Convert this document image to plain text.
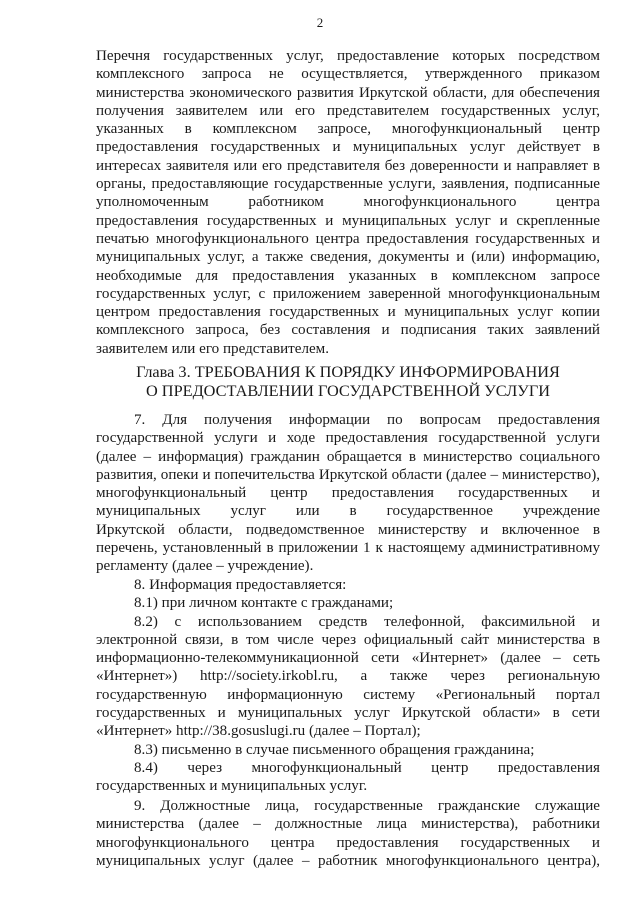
2
Перечня государственных услуг, предоставление которых посредством
комплексного запроса не осуществляется, утвержденного приказом
министерства экономического развития Иркутской области, для обеспечения
получения заявителем или его представителем государственных услуг,
указанных в комплексном запросе, многофункциональный центр
предоставления государственных и муниципальных услуг действует в
интересах заявителя или его представителя без доверенности и направляет в
органы, предоставляющие государственные услуги, заявления, подписанные
уполномоченным работником многофункционального центра
предоставления государственных и муниципальных услуг и скрепленные
печатью многофункционального центра предоставления государственных и
муниципальных услуг, а также сведения, документы и (или) информацию,
необходимые для предоставления указанных в комплексном запросе
государственных услуг, с приложением заверенной многофункциональным
центром предоставления государственных и муниципальных услуг копии
комплексного запроса, без составления и подписания таких заявлений
заявителем или его представителем.
Глава 3. ТРЕБОВАНИЯ К ПОРЯДКУ ИНФОРМИРОВАНИЯ
О ПРЕДОСТАВЛЕНИИ ГОСУДАРСТВЕННОЙ УСЛУГИ
7. Для получения информации по вопросам предоставления
государственной услуги и ходе предоставления государственной услуги
(далее – информация) гражданин обращается в министерство социального
развития, опеки и попечительства Иркутской области (далее – министерство),
многофункциональный центр предоставления государственных и
муниципальных услуг или в государственное учреждение
Иркутской области, подведомственное министерству и включенное в
перечень, установленный в приложении 1 к настоящему административному
регламенту (далее – учреждение).
8. Информация предоставляется:
8.1) при личном контакте с гражданами;
8.2) с использованием средств телефонной, факсимильной и
электронной связи, в том числе через официальный сайт министерства в
информационно-телекоммуникационной сети «Интернет» (далее – сеть
«Интернет») http://society.irkobl.ru, а также через региональную
государственную информационную систему «Региональный портал
государственных и муниципальных услуг Иркутской области» в сети
«Интернет» http://38.gosuslugi.ru (далее – Портал);
8.3) письменно в случае письменного обращения гражданина;
8.4) через многофункциональный центр предоставления
государственных и муниципальных услуг.
9. Должностные лица, государственные гражданские служащие
министерства (далее – должностные лица министерства), работники
многофункционального центра предоставления государственных и
муниципальных услуг (далее – работник многофункционального центра),
